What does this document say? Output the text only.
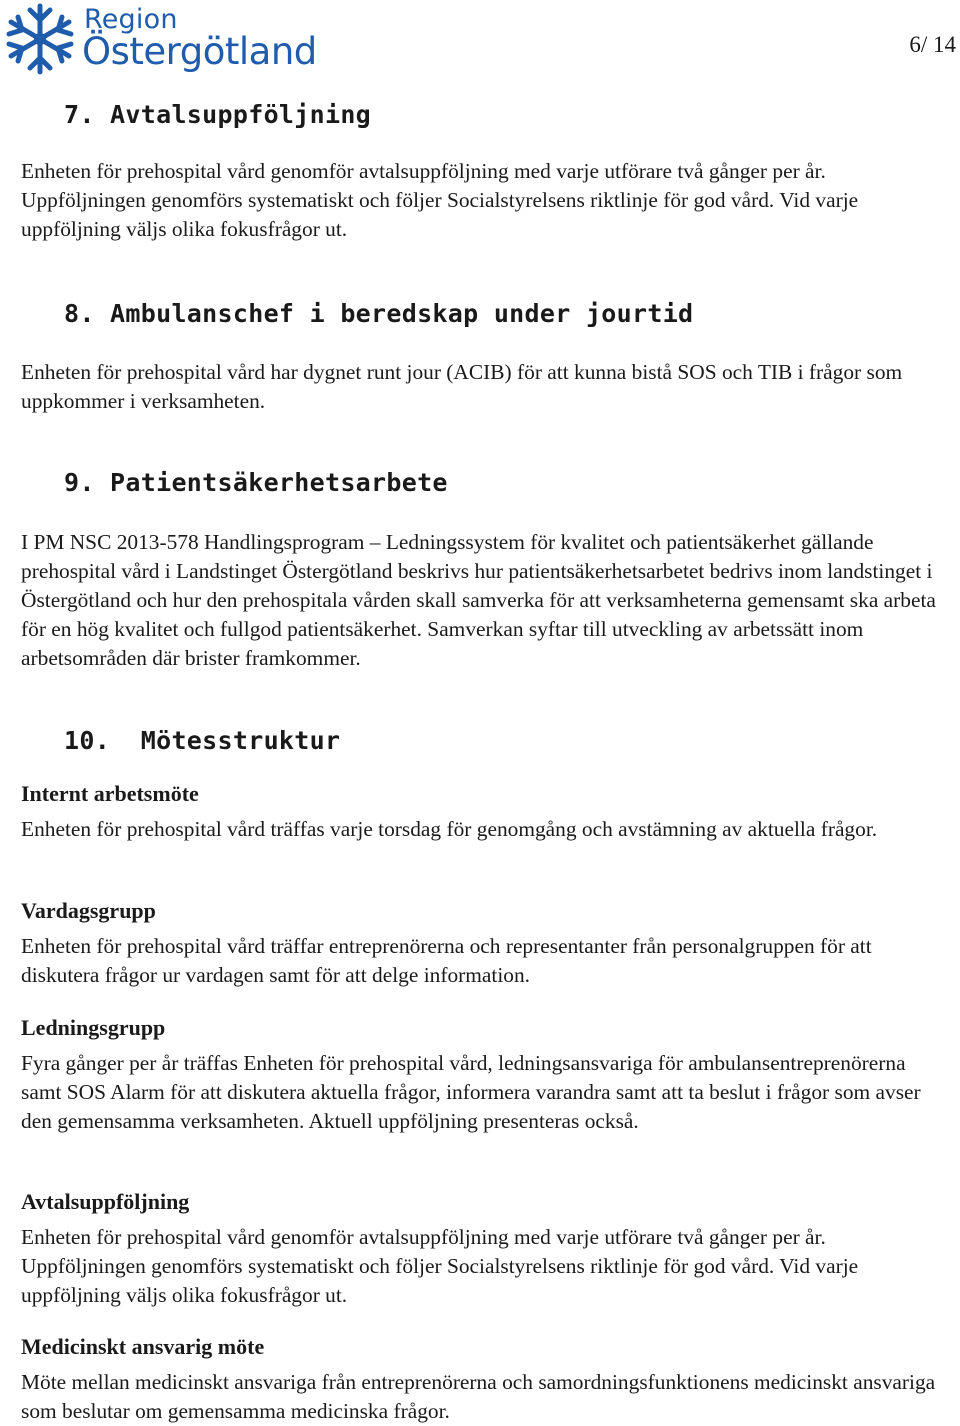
Region
Östergötland	6/ 14
7. Avtalsuppföljning

Enheten för prehospital vård genomför avtalsuppföljning med varje utförare två gånger per år. Uppföljningen genomförs systematiskt och följer Socialstyrelsens riktlinje för god vård. Vid varje uppföljning väljs olika fokusfrågor ut.

8. Ambulanschef i beredskap under jourtid

Enheten för prehospital vård har dygnet runt jour (ACIB) för att kunna bistå SOS och TIB i frågor som uppkommer i verksamheten.

9. Patientsäkerhetsarbete

I PM NSC 2013-578 Handlingsprogram – Ledningssystem för kvalitet och patientsäkerhet gällande prehospital vård i Landstinget Östergötland beskrivs hur patientsäkerhetsarbetet bedrivs inom landstinget i Östergötland och hur den prehospitala vården skall samverka för att verksamheterna gemensamt ska arbeta för en hög kvalitet och fullgod patientsäkerhet. Samverkan syftar till utveckling av arbetssätt inom arbetsområden där brister framkommer.

10.  Mötesstruktur
Internt arbetsmöte

Enheten för prehospital vård träffas varje torsdag för genomgång och avstämning av aktuella frågor.

Vardagsgrupp

Enheten för prehospital vård träffar entreprenörerna och representanter från personalgruppen för att diskutera frågor ur vardagen samt för att delge information.

Ledningsgrupp

Fyra gånger per år träffas Enheten för prehospital vård, ledningsansvariga för ambulansentreprenörerna samt SOS Alarm för att diskutera aktuella frågor, informera varandra samt att ta beslut i frågor som avser den gemensamma verksamheten. Aktuell uppföljning presenteras också.

Avtalsuppföljning

Enheten för prehospital vård genomför avtalsuppföljning med varje utförare två gånger per år. Uppföljningen genomförs systematiskt och följer Socialstyrelsens riktlinje för god vård. Vid varje uppföljning väljs olika fokusfrågor ut.

Medicinskt ansvarig möte

Möte mellan medicinskt ansvariga från entreprenörerna och samordningsfunktionens medicinskt ansvariga som beslutar om gemensamma medicinska frågor.
